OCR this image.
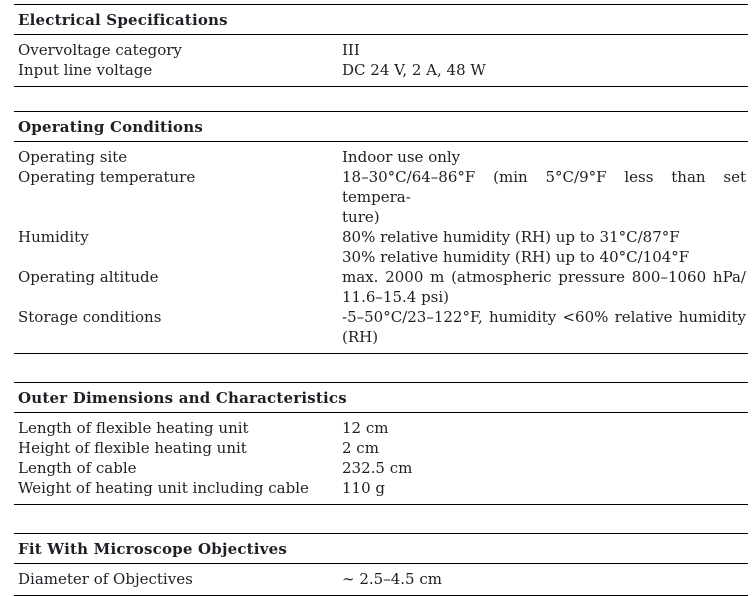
Electrical Specifications
Overvoltage category	III
Input line voltage	DC 24 V, 2 A, 48 W
Operating Conditions
Operating site	Indoor use only
Operating temperature	18–30°C/64–86°F (min 5°C/9°F less than set tempera-
ture)
Humidity	80% relative humidity (RH) up to 31°C/87°F
30% relative humidity (RH) up to 40°C/104°F
Operating altitude	max. 2000 m (atmospheric pressure 800–1060 hPa/
11.6–15.4 psi)
Storage conditions	-5–50°C/23–122°F, humidity <60% relative humidity
(RH)
Outer Dimensions and Characteristics
Length of flexible heating unit	12 cm
Height of flexible heating unit	2 cm
Length of cable	232.5 cm
Weight of heating unit including cable	110 g
Fit With Microscope Objectives
Diameter of Objectives	∼ 2.5–4.5 cm
